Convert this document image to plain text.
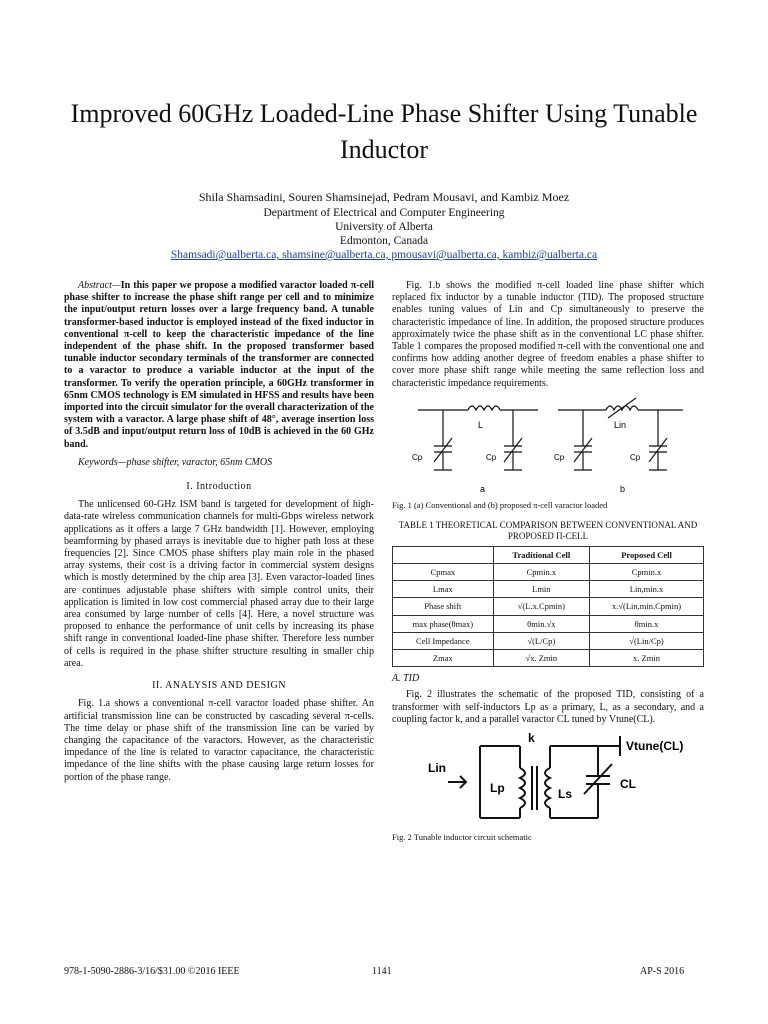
Improved 60GHz Loaded-Line Phase Shifter Using Tunable Inductor
Shila Shamsadini, Souren Shamsinejad, Pedram Mousavi, and Kambiz Moez
Department of Electrical and Computer Engineering
University of Alberta
Edmonton, Canada
Shamsadi@ualberta.ca, shamsine@ualberta.ca, pmousavi@ualberta.ca, kambiz@ualberta.ca

Abstract—In this paper we propose a modified varactor loaded π-cell phase shifter to increase the phase shift range per cell and to minimize the input/output return losses over a large frequency band. A tunable transformer-based inductor is employed instead of the fixed inductor in conventional π-cell to keep the characteristic impedance of the line independent of the phase shift. In the proposed transformer based tunable inductor secondary terminals of the transformer are connected to a varactor to produce a variable inductor at the input of the transformer. To verify the operation principle, a 60GHz transformer in 65nm CMOS technology is EM simulated in HFSS and results have been imported into the circuit simulator for the overall characterization of the system with a varactor. A large phase shift of 48°, average insertion loss of 3.5dB and input/output return loss of 10dB is achieved in the 60 GHz band.

Keywords—phase shifter, varactor, 65nm CMOS

I. Introduction

The unlicensed 60-GHz ISM band is targeted for development of high-data-rate wireless communication channels for multi-Gbps wireless network applications as it offers a large 7 GHz bandwidth [1]. However, employing beamforming by phased arrays is inevitable due to higher path loss at these frequencies [2]. Since CMOS phase shifters play main role in the phased array systems, their cost is a driving factor in commercial system designs which is mostly determined by the chip area [3]. Even varactor-loaded lines are continues adjustable phase shifters with simple control units, their application is limited in low cost commercial phased array due to their large area consumed by large number of cells [4]. Here, a novel structure was proposed to enhance the performance of unit cells by increasing its phase shift range in conventional loaded-line phase shifter. Therefore less number of cells is required in the phase shifter structure resulting in smaller chip area.

II. ANALYSIS AND DESIGN

Fig. 1.a shows a conventional π-cell varactor loaded phase shifter. An artificial transmission line can be constructed by cascading several π-cells. The time delay or phase shift of the transmission line can be varied by changing the capacitance of the varactors. However, as the characteristic impedance of the line is related to varactor capacitance, the characteristic impedance of the line shifts with the phase causing large return losses for portion of the phase range.

Fig. 1.b shows the modified π-cell loaded line phase shifter which replaced fix inductor by a tunable inductor (TID). The proposed structure enables tuning values of Lin and Cp simultaneously to preserve the characteristic impedance of line. In addition, the proposed structure produces approximately twice the phase shift as in the conventional LC phase shifter. Table 1 compares the proposed modified π-cell with the conventional one and confirms how adding another degree of freedom enables a phase shifter to cover more phase shift range while meeting the same reflection loss and characteristic impedance requirements.

L
Cp	Cp
a
Lin
Cp	Cp
b
Fig. 1 (a) Conventional and (b) proposed π-cell varactor loaded
TABLE 1 THEORETICAL COMPARISON BETWEEN CONVENTIONAL AND PROPOSED Π-CELL
	Traditional Cell	Proposed Cell
Cpmax	Cpmin.x	Cpmin.x
Lmax	Lmin	Lin,min.x
Phase shift	√(L.x.Cpmin)	x.√(Lin,min.Cpmin)
max phase(θmax)	θmin.√x	θmin.x
Cell Impedance	√(L/Cp)	√(Lin/Cp)
Zmax	√x. Zmin	x. Zmin
A. TID

Fig. 2 illustrates the schematic of the proposed TID, consisting of a transformer with self-inductors Lp as a primary, L, as a secondary, and a coupling factor k, and a parallel varactor CL tuned by Vtune(CL).

k
Vtune(CL)
Lin
Lp	Ls
CL
Fig. 2 Tunable inductor circuit schematic
978-1-5090-2886-3/16/$31.00 ©2016 IEEE	1141	AP-S 2016
